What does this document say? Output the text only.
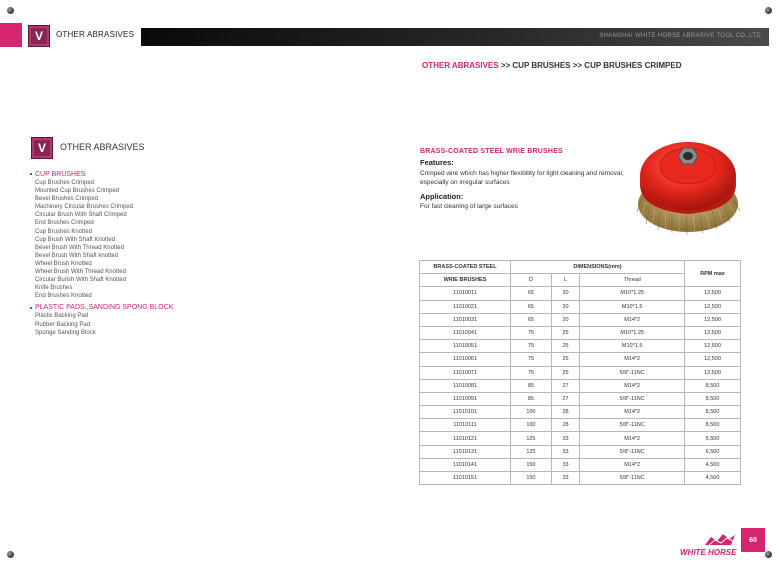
V OTHER ABRASIVES	SHANGHAI WHITE HORSE ABRASIVE TOOL CO.,LTD
OTHER ABRASIVES >> CUP BRUSHES >> CUP BRUSHES CRIMPED
V OTHER ABRASIVES
CUP BRUSHES
Cup Brushes Crimped
Mounted Cup Brushes Crimped
Bevel Brushes Crimped
Machinery Circular Brushes Crimped
Circular Brush With Shaft Crimped
End Brushes Crimped
Cup Brushes Knotted
Cup Brush With Shaft Knotted
Bevel Brush With Thread Knotted
Bevel Brush With Shaft knotted
Wheel Brush Knotted
Wheel Brush With Thread Knotted
Circular Burish With Shaft Knotted
Knife Brushes
End Brushes Knotted
PLASTIC PADS.,SANDING SPONG BLOCK
Plastic Backing Pad
Rubber Backing Pad
Sponge Sanding Block
BRASS-COATED STEEL WRIE BRUSHES
Features:
Crimped wire which has higher flexibility for light cleaning and removal, especially on irregular surfaces
Application:
For fast cleaning of large surfaces
BRASS-COATED STEEL	DIMENSIONS(mm)			RPM max
WRIE BRUSHES	D	L	Thread	
11010011	65	20	M10*1.25	12,500
11010021	65	20	M10*1.5	12,500
11010031	65	20	M14*2	12,500
11010041	75	25	M10*1.25	12,500
11010051	75	25	M10*1.5	12,500
11010061	75	25	M14*2	12,500
11010071	75	25	5/8"-11NC	12,500
11010081	85	27	M14*2	8,500
11010091	85	27	5/8"-11NC	8,500
11010101	100	28	M14*2	8,500
11010111	100	28	5/8"-11NC	8,500
11010121	125	33	M14*2	6,500
11010131	125	33	5/8"-11NC	6,500
11010141	150	33	M14*2	4,500
11010151	150	33	5/8"-11NC	4,500
WHITE HORSE
60
